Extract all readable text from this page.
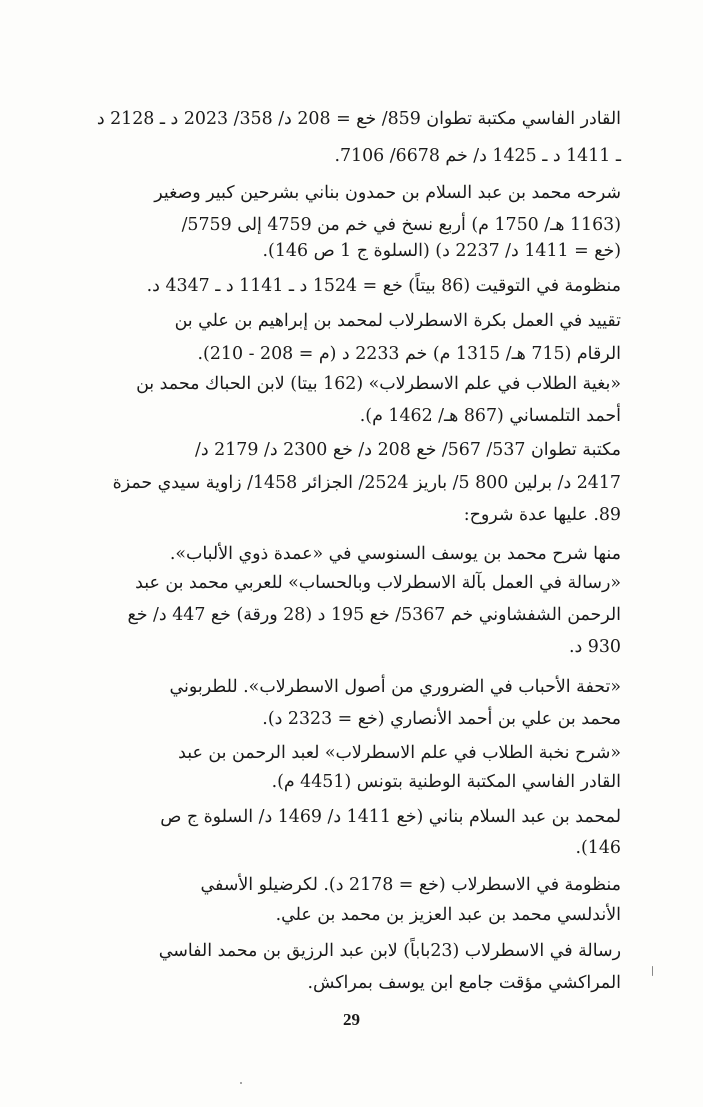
القادر الفاسي مكتبة تطوان 859/ خع = 208 د/ 358/ 2023 د ـ 2128 د
ـ 1411 د ـ 1425 د/ خم 6678/ 7106.
شرحه محمد بن عبد السلام بن حمدون بناني بشرحين كبير وصغير
(1163 هـ/ 1750 م) أربع نسخ في خم من 4759 إلى 5759/
(خع = 1411 د/ 2237 د) (السلوة ج 1 ص 146).
منظومة في التوقيت (86 بيتاً) خع = 1524 د ـ 1141 د ـ 4347 د.
تقييد في العمل بكرة الاسطرلاب لمحمد بن إبراهيم بن علي بن
الرقام (715 هـ/ 1315 م) خم 2233 د (م = 208 - 210).
«بغية الطلاب في علم الاسطرلاب» (162 بيتا) لابن الحباك محمد بن
أحمد التلمساني (867 هـ/ 1462 م).
مكتبة تطوان 537/ 567/ خع 208 د/ خع 2300 د/ 2179 د/
2417 د/ برلين 800 5/ باريز 2524/ الجزائر 1458/ زاوية سيدي حمزة
89. عليها عدة شروح:
منها شرح محمد بن يوسف السنوسي في «عمدة ذوي الألباب».
«رسالة في العمل بآلة الاسطرلاب وبالحساب» للعربي محمد بن عبد
الرحمن الشفشاوني خم 5367/ خع 195 د (28 ورقة) خع 447 د/ خع
930 د.
«تحفة الأحباب في الضروري من أصول الاسطرلاب». للطربوني
محمد بن علي بن أحمد الأنصاري (خع = 2323 د).
«شرح نخبة الطلاب في علم الاسطرلاب» لعبد الرحمن بن عبد
القادر الفاسي المكتبة الوطنية بتونس (4451 م).
لمحمد بن عبد السلام بناني (خع 1411 د/ 1469 د/ السلوة ج ص
146).
منظومة في الاسطرلاب (خع = 2178 د). لكرضيلو الأسفي
الأندلسي محمد بن عبد العزيز بن محمد بن علي.
رسالة في الاسطرلاب (23باباً) لابن عبد الرزيق بن محمد الفاسي
المراكشي مؤقت جامع ابن يوسف بمراكش.
29
